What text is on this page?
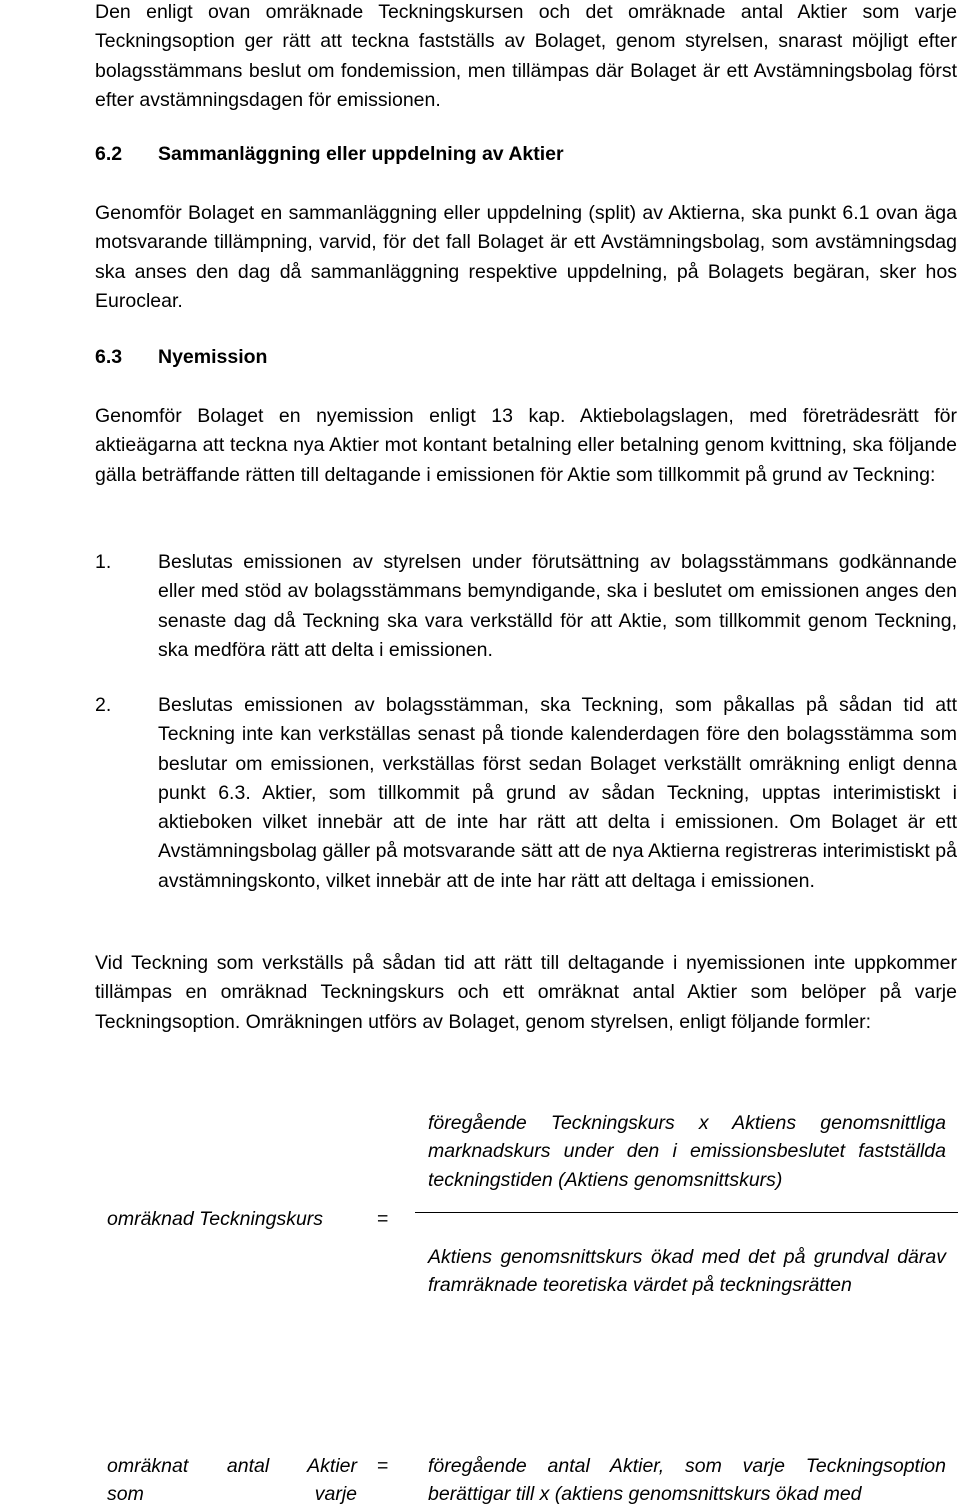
Den enligt ovan omräknade Teckningskursen och det omräknade antal Aktier som varje Teckningsoption ger rätt att teckna fastställs av Bolaget, genom styrelsen, snarast möjligt efter bolagsstämmans beslut om fondemission, men tillämpas där Bolaget är ett Avstämningsbolag först efter avstämningsdagen för emissionen.
6.2 Sammanläggning eller uppdelning av Aktier
Genomför Bolaget en sammanläggning eller uppdelning (split) av Aktierna, ska punkt 6.1 ovan äga motsvarande tillämpning, varvid, för det fall Bolaget är ett Avstämningsbolag, som avstämningsdag ska anses den dag då sammanläggning respektive uppdelning, på Bolagets begäran, sker hos Euroclear.
6.3	Nyemission
Genomför Bolaget en nyemission enligt 13 kap. Aktiebolagslagen, med företrädesrätt för aktieägarna att teckna nya Aktier mot kontant betalning eller betalning genom kvittning, ska följande gälla beträffande rätten till deltagande i emissionen för Aktie som tillkommit på grund av Teckning:
1. Beslutas emissionen av styrelsen under förutsättning av bolagsstämmans godkännande eller med stöd av bolagsstämmans bemyndigande, ska i beslutet om emissionen anges den senaste dag då Teckning ska vara verkställd för att Aktie, som tillkommit genom Teckning, ska medföra rätt att delta i emissionen.
2. Beslutas emissionen av bolagsstämman, ska Teckning, som påkallas på sådan tid att Teckning inte kan verkställas senast på tionde kalenderdagen före den bolagsstämma som beslutar om emissionen, verkställas först sedan Bolaget verkställt omräkning enligt denna punkt 6.3. Aktier, som tillkommit på grund av sådan Teckning, upptas interimistiskt i aktieboken vilket innebär att de inte har rätt att delta i emissionen. Om Bolaget är ett Avstämningsbolag gäller på motsvarande sätt att de nya Aktierna registreras interimistiskt på avstämningskonto, vilket innebär att de inte har rätt att deltaga i emissionen.
Vid Teckning som verkställs på sådan tid att rätt till deltagande i nyemissionen inte uppkommer tillämpas en omräknad Teckningskurs och ett omräknat antal Aktier som belöper på varje Teckningsoption. Omräkningen utförs av Bolaget, genom styrelsen, enligt följande formler:
föregående Teckningskurs x Aktiens genomsnittliga marknadskurs under den i emissionsbeslutet fastställda teckningstiden (Aktiens genomsnittskurs)
omräknad Teckningskurs	=
Aktiens genomsnittskurs ökad med det på grundval därav framräknade teoretiska värdet på teckningsrätten
omräknat antal Aktier
som varje
= föregående antal Aktier, som varje Teckningsoption berättigar till x (aktiens genomsnittskurs ökad med
